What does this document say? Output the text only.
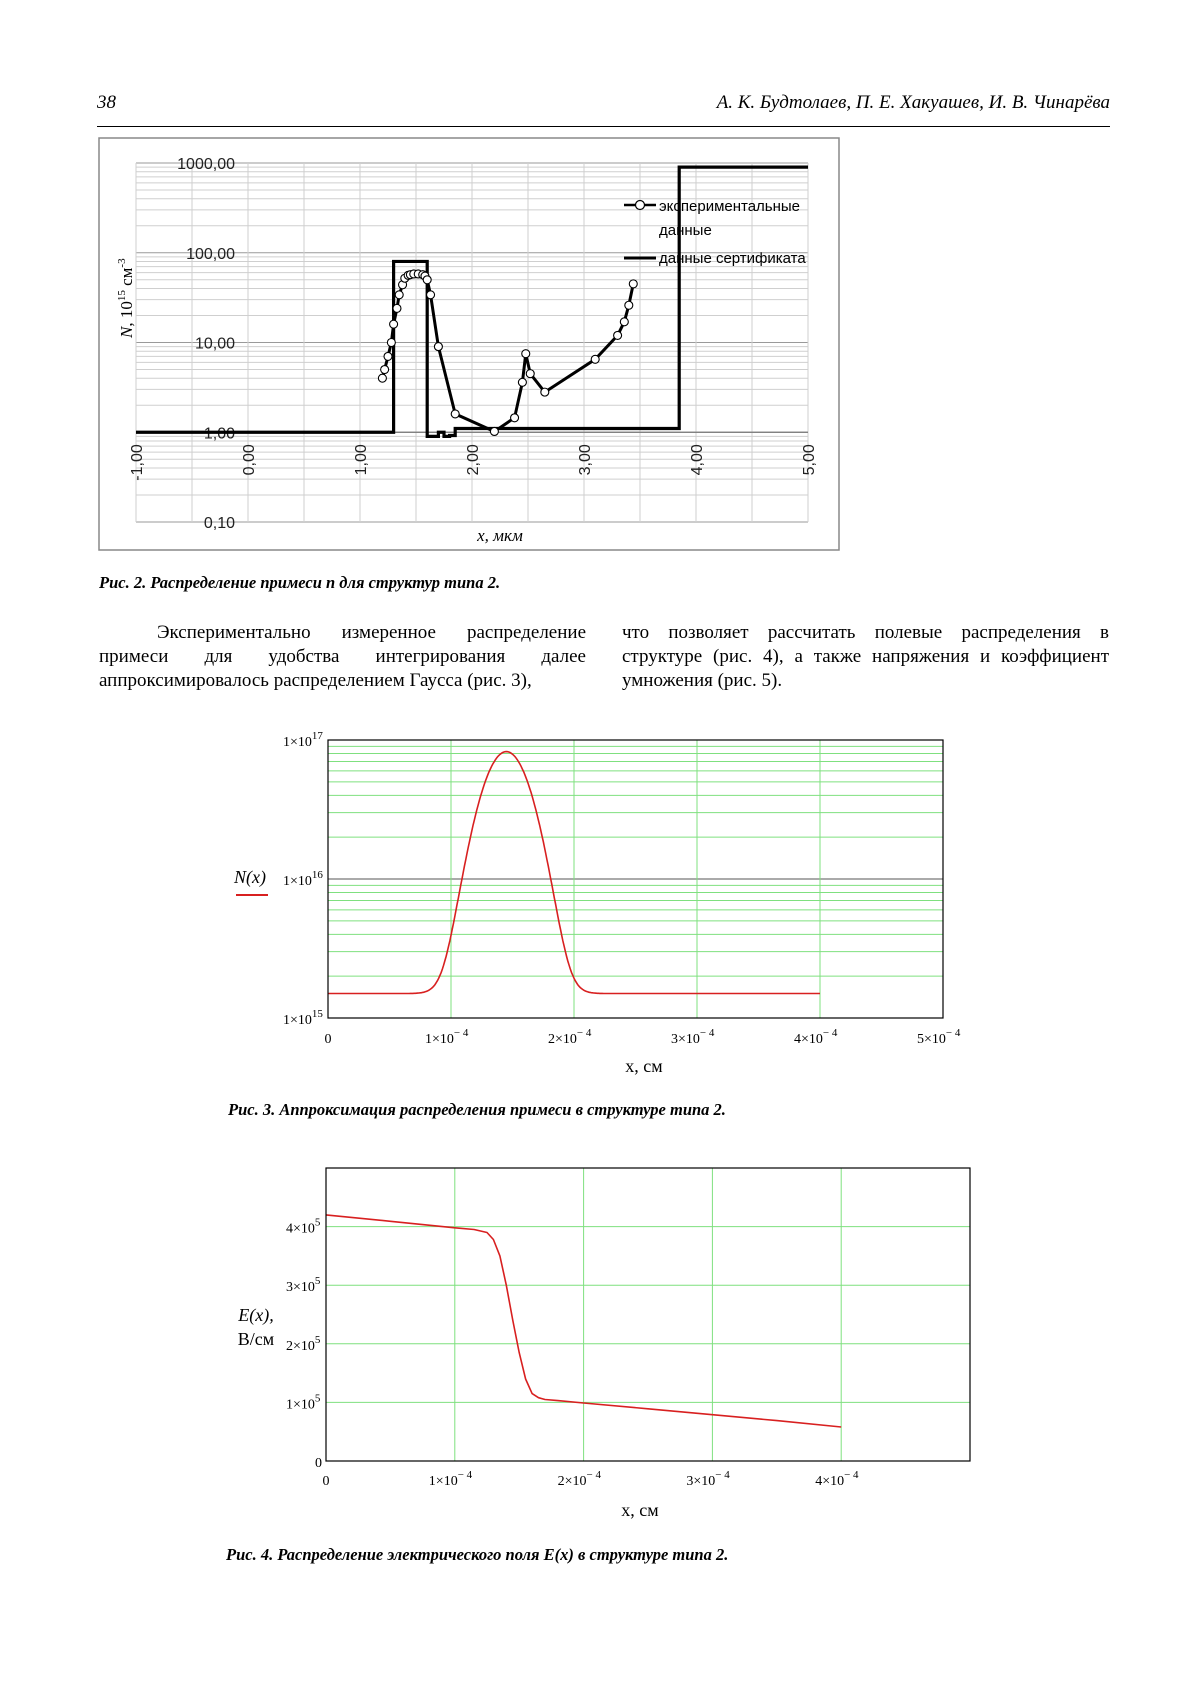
38	А. К. Будтолаев, П. Е. Хакуашев, И. В. Чинарёва
0,10
1,00
10,00
100,00
1000,00
-1,00	0,00	1,00	2,00	3,00	4,00	5,00
экспериментальные
данные
данные сертификата
x, мкм
N, $10^{15}$ $см^{-3}$
Рис. 2. Распределение примеси n для структур типа 2.
Экспериментально измеренное распределение примеси для удобства интегрирования далее аппроксимировалось распределением Гаусса (рис. 3),
что позволяет рассчитать полевые распределения в структуре (рис. 4), а также напряжения и коэффициент умножения (рис. 5).
$1\times 10^{15}$
$1\times 10^{16}$
$1\times 10^{17}$
0	$1\times 10^{- 4}$	$2\times 10^{- 4}$	$3\times 10^{- 4}$	$4\times 10^{- 4}$	$5\times 10^{- 4}$
N(x)
x, см
Рис. 3. Аппроксимация распределения примеси в структуре типа 2.
0
$1\times 10^5$
$2\times 10^5$
$3\times 10^5$
$4\times 10^5$
0	$1\times 10^{- 4}$	$2\times 10^{- 4}$	$3\times 10^{- 4}$	$4\times 10^{- 4}$
E(x),
В/см
x, см
Рис. 4. Распределение электрического поля E(x) в структуре типа 2.
